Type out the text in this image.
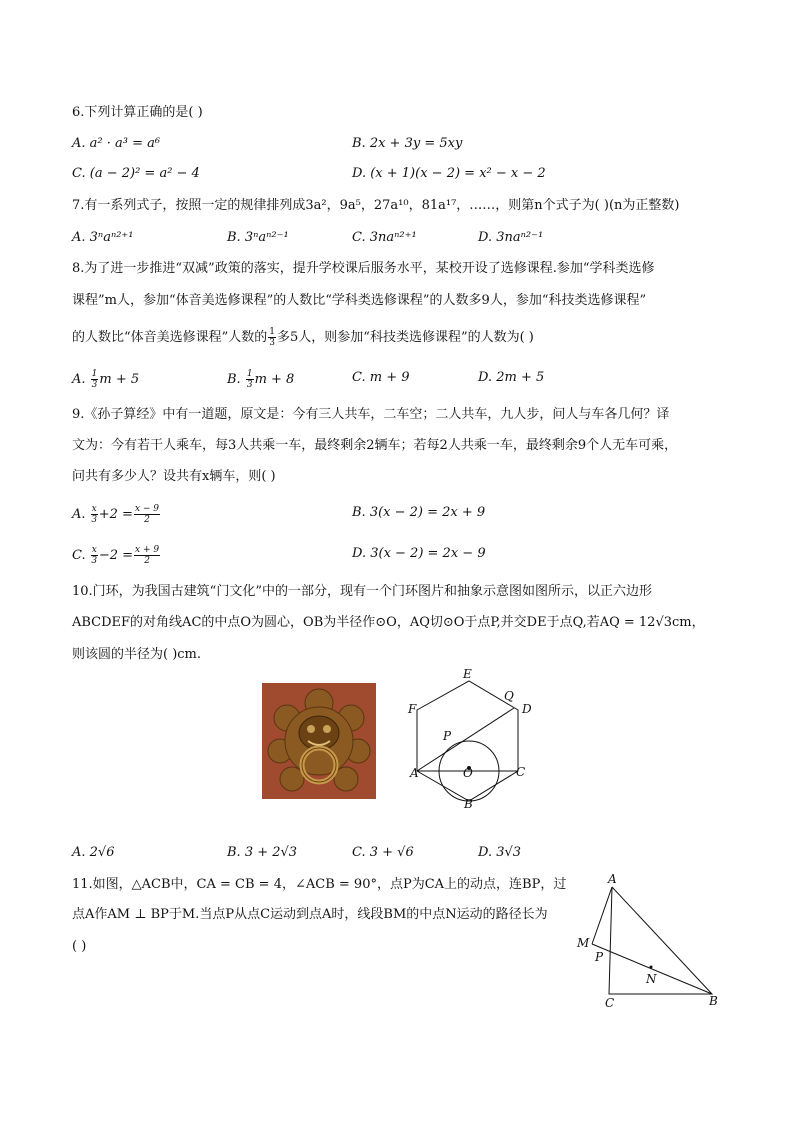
6.下列计算正确的是( )
A. a² · a³ = a⁶	B. 2x + 3y = 5xy
C. (a − 2)² = a² − 4	D. (x + 1)(x − 2) = x² − x − 2
7.有一系列式子，按照一定的规律排列成3a²，9a⁵，27a¹⁰，81a¹⁷，……，则第n个式子为( )(n为正整数)
A. 3ⁿaⁿ²⁺¹	B. 3ⁿaⁿ²⁻¹	C. 3naⁿ²⁺¹	D. 3naⁿ²⁻¹
8.为了进一步推进“双减”政策的落实，提升学校课后服务水平，某校开设了选修课程.参加“学科类选修
课程”m人，参加“体音美选修课程”的人数比“学科类选修课程”的人数多9人，参加“科技类选修课程”
的人数比“体音美选修课程”人数的 $\frac{1}{3}$ 多5人，则参加“科技类选修课程”的人数为( )
A. $\frac{1}{3}$ m + 5	B. $\frac{1}{3}$ m + 8	C. m + 9	D. 2m + 5
9.《孙子算经》中有一道题，原文是：今有三人共车，二车空；二人共车，九人步，问人与车各几何？译
文为：今有若干人乘车，每3人共乘一车，最终剩余2辆车；若每2人共乘一车，最终剩余9个人无车可乘，
问共有多少人？设共有x辆车，则( )
A. $\frac{x}{3} +2 = \frac{x - 9}{2}$	B. 3(x − 2) = 2x + 9
C. $\frac{x}{3} -2 = \frac{x + 9}{2}$	D. 3(x − 2) = 2x − 9
10.门环，为我国古建筑“门文化”中的一部分，现有一个门环图片和抽象示意图如图所示，以正六边形
ABCDEF的对角线AC的中点O为圆心，OB为半径作⊙O，AQ切⊙O于点P,并交DE于点Q,若AQ = 12√3cm，
则该圆的半径为( )cm.
E
Q
F	D
P
A	O	C
B
A. 2√6	B. 3 + 2√3	C. 3 + √6	D. 3√3
11.如图，△ACB中，CA = CB = 4，∠ACB = 90°，点P为CA上的动点，连BP，过
点A作AM ⊥ BP于M.当点P从点C运动到点A时，线段BM的中点N运动的路径长为
( )
A
M
P
N
C	B
